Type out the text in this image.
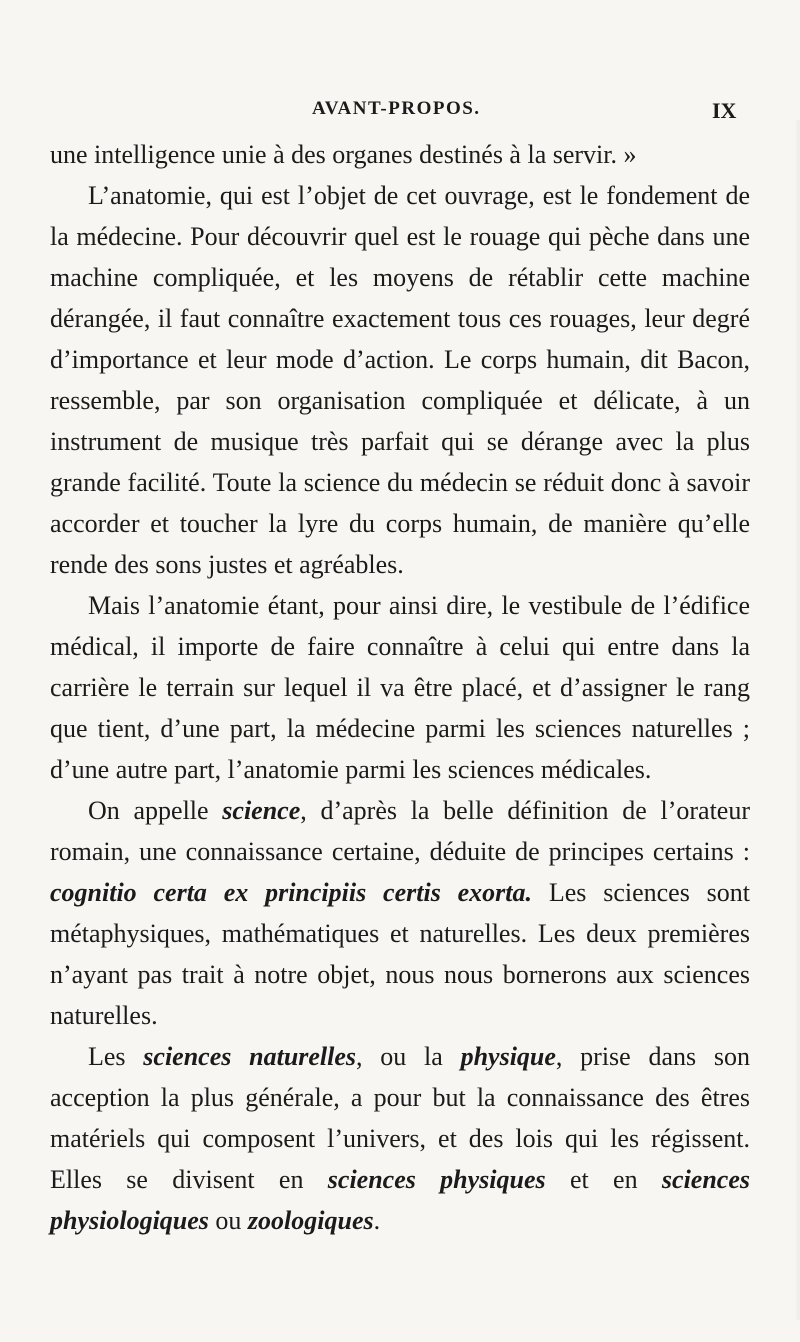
AVANT-PROPOS.	IX

une intelligence unie à des organes destinés à la servir. »

L’anatomie, qui est l’objet de cet ouvrage, est le fondement de la médecine. Pour découvrir quel est le rouage qui pèche dans une machine compliquée, et les moyens de rétablir cette machine dérangée, il faut connaître exactement tous ces rouages, leur degré d’importance et leur mode d’action. Le corps humain, dit Bacon, ressemble, par son organisation compliquée et délicate, à un instrument de musique très parfait qui se dérange avec la plus grande facilité. Toute la science du médecin se réduit donc à savoir accorder et toucher la lyre du corps humain, de manière qu’elle rende des sons justes et agréables.

Mais l’anatomie étant, pour ainsi dire, le vestibule de l’édifice médical, il importe de faire connaître à celui qui entre dans la carrière le terrain sur lequel il va être placé, et d’assigner le rang que tient, d’une part, la médecine parmi les sciences naturelles ; d’une autre part, l’anatomie parmi les sciences médicales.

On appelle science, d’après la belle définition de l’orateur romain, une connaissance certaine, déduite de principes certains : cognitio certa ex principiis certis exorta. Les sciences sont métaphysiques, mathématiques et naturelles. Les deux premières n’ayant pas trait à notre objet, nous nous bornerons aux sciences naturelles.

Les sciences naturelles, ou la physique, prise dans son acception la plus générale, a pour but la connaissance des êtres matériels qui composent l’univers, et des lois qui les régissent. Elles se divisent en sciences physiques et en sciences physiologiques ou zoologiques.
